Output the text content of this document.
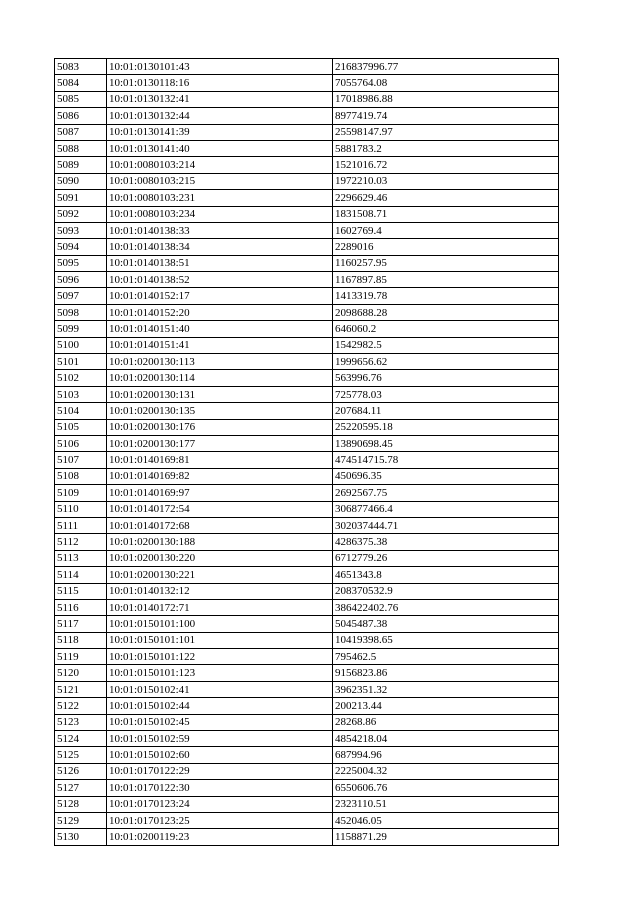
5083	10:01:0130101:43	216837996.77
5084	10:01:0130118:16	7055764.08
5085	10:01:0130132:41	17018986.88
5086	10:01:0130132:44	8977419.74
5087	10:01:0130141:39	25598147.97
5088	10:01:0130141:40	5881783.2
5089	10:01:0080103:214	1521016.72
5090	10:01:0080103:215	1972210.03
5091	10:01:0080103:231	2296629.46
5092	10:01:0080103:234	1831508.71
5093	10:01:0140138:33	1602769.4
5094	10:01:0140138:34	2289016
5095	10:01:0140138:51	1160257.95
5096	10:01:0140138:52	1167897.85
5097	10:01:0140152:17	1413319.78
5098	10:01:0140152:20	2098688.28
5099	10:01:0140151:40	646060.2
5100	10:01:0140151:41	1542982.5
5101	10:01:0200130:113	1999656.62
5102	10:01:0200130:114	563996.76
5103	10:01:0200130:131	725778.03
5104	10:01:0200130:135	207684.11
5105	10:01:0200130:176	25220595.18
5106	10:01:0200130:177	13890698.45
5107	10:01:0140169:81	474514715.78
5108	10:01:0140169:82	450696.35
5109	10:01:0140169:97	2692567.75
5110	10:01:0140172:54	306877466.4
5111	10:01:0140172:68	302037444.71
5112	10:01:0200130:188	4286375.38
5113	10:01:0200130:220	6712779.26
5114	10:01:0200130:221	4651343.8
5115	10:01:0140132:12	208370532.9
5116	10:01:0140172:71	386422402.76
5117	10:01:0150101:100	5045487.38
5118	10:01:0150101:101	10419398.65
5119	10:01:0150101:122	795462.5
5120	10:01:0150101:123	9156823.86
5121	10:01:0150102:41	3962351.32
5122	10:01:0150102:44	200213.44
5123	10:01:0150102:45	28268.86
5124	10:01:0150102:59	4854218.04
5125	10:01:0150102:60	687994.96
5126	10:01:0170122:29	2225004.32
5127	10:01:0170122:30	6550606.76
5128	10:01:0170123:24	2323110.51
5129	10:01:0170123:25	452046.05
5130	10:01:0200119:23	1158871.29
